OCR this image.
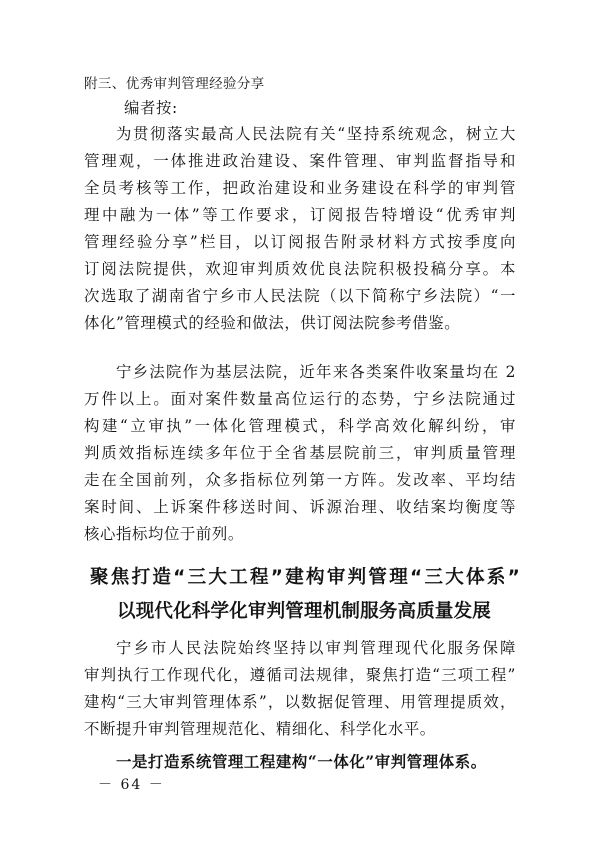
附三、优秀审判管理经验分享
编者按:
为贯彻落实最高人民法院有关“坚持系统观念，树立大
管理观，一体推进政治建设、案件管理、审判监督指导和
全员考核等工作，把政治建设和业务建设在科学的审判管
理中融为一体”等工作要求，订阅报告特增设“优秀审判
管理经验分享”栏目，以订阅报告附录材料方式按季度向
订阅法院提供，欢迎审判质效优良法院积极投稿分享。本
次选取了湖南省宁乡市人民法院（以下简称宁乡法院）“一
体化”管理模式的经验和做法，供订阅法院参考借鉴。
宁乡法院作为基层法院，近年来各类案件收案量均在 2
万件以上。面对案件数量高位运行的态势，宁乡法院通过
构建“立审执”一体化管理模式，科学高效化解纠纷，审
判质效指标连续多年位于全省基层院前三，审判质量管理
走在全国前列，众多指标位列第一方阵。发改率、平均结
案时间、上诉案件移送时间、诉源治理、收结案均衡度等
核心指标均位于前列。
聚焦打造“三大工程”建构审判管理“三大体系”
以现代化科学化审判管理机制服务高质量发展
宁乡市人民法院始终坚持以审判管理现代化服务保障
审判执行工作现代化，遵循司法规律，聚焦打造“三项工程”
建构“三大审判管理体系”，以数据促管理、用管理提质效，
不断提升审判管理规范化、精细化、科学化水平。
一是打造系统管理工程建构“一体化”审判管理体系。
－ 64 －
